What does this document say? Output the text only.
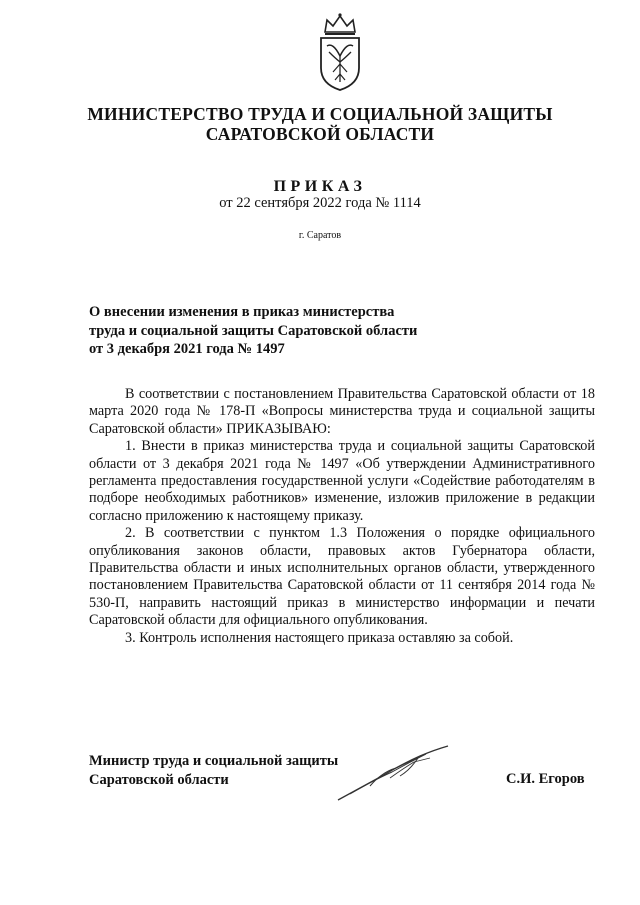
МИНИСТЕРСТВО ТРУДА И СОЦИАЛЬНОЙ ЗАЩИТЫ
САРАТОВСКОЙ ОБЛАСТИ
ПРИКАЗ
от 22 сентября 2022 года № 1114
г. Саратов
О внесении изменения в приказ министерства
труда и социальной защиты Саратовской области
от 3 декабря 2021 года № 1497

В соответствии с постановлением Правительства Саратовской области от 18 марта 2020 года № 178-П «Вопросы министерства труда и социальной защиты Саратовской области» ПРИКАЗЫВАЮ:

1. Внести в приказ министерства труда и социальной защиты Саратовской области от 3 декабря 2021 года № 1497 «Об утверждении Административного регламента предоставления государственной услуги «Содействие работодателям в подборе необходимых работников» изменение, изложив приложение в редакции согласно приложению к настоящему приказу.

2. В соответствии с пунктом 1.3 Положения о порядке официального опубликования законов области, правовых актов Губернатора области, Правительства области и иных исполнительных органов области, утвержденного постановлением Правительства Саратовской области от 11 сентября 2014 года № 530-П, направить настоящий приказ в министерство информации и печати Саратовской области для официального опубликования.

3. Контроль исполнения настоящего приказа оставляю за собой.

Министр труда и социальной защиты
Саратовской области	С.И. Егоров
